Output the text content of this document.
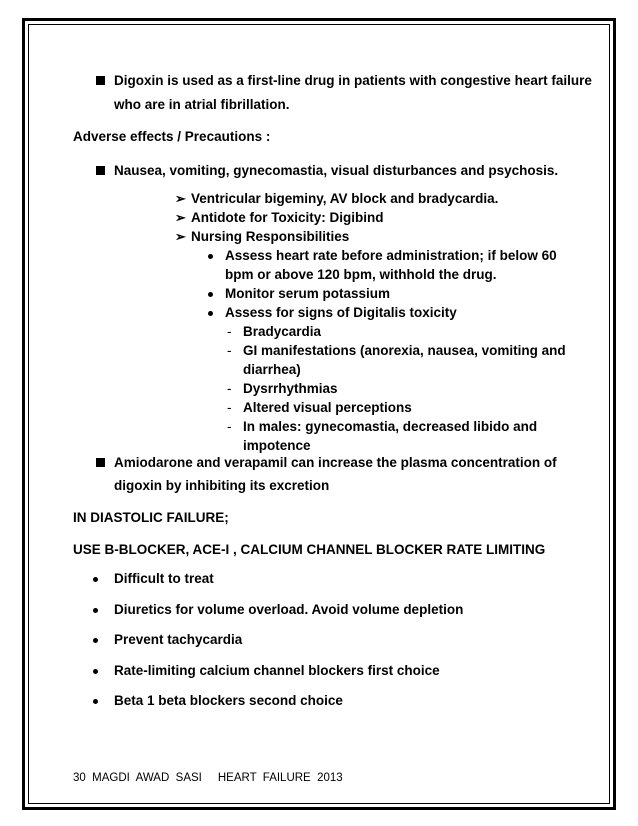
Digoxin is used as a first-line drug in patients with congestive heart failure
who are in atrial fibrillation.
Adverse effects / Precautions :
Nausea, vomiting, gynecomastia, visual disturbances and psychosis.
➢ Ventricular bigeminy, AV block and bradycardia.
➢ Antidote for Toxicity: Digibind
➢ Nursing Responsibilities
Assess heart rate before administration; if below 60
bpm or above 120 bpm, withhold the drug.
Monitor serum potassium
Assess for signs of Digitalis toxicity
- Bradycardia
- GI manifestations (anorexia, nausea, vomiting and
diarrhea)
- Dysrrhythmias
- Altered visual perceptions
- In males: gynecomastia, decreased libido and
impotence
Amiodarone and verapamil can increase the plasma concentration of
digoxin by inhibiting its excretion
IN DIASTOLIC FAILURE;
USE B-BLOCKER, ACE-I , CALCIUM CHANNEL BLOCKER RATE LIMITING
Difficult to treat
Diuretics for volume overload. Avoid volume depletion
Prevent tachycardia
Rate-limiting calcium channel blockers first choice
Beta 1 beta blockers second choice
30  MAGDI  AWAD  SASI     HEART  FAILURE  2013
